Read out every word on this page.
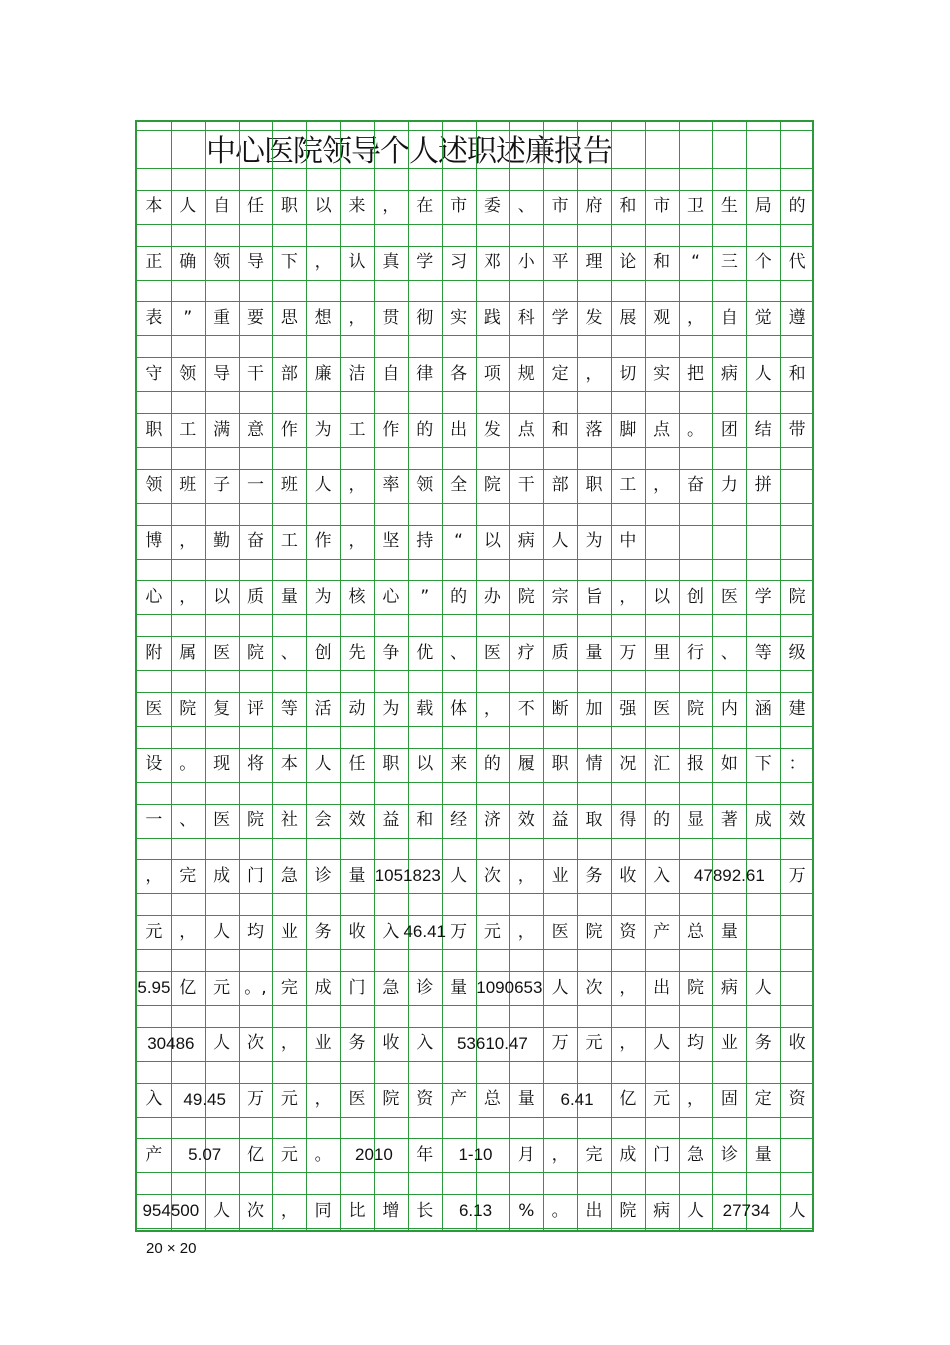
中心医院领导个人述职述廉报告
本 人 自 任 职 以 来 ， 在 市 委 、 市 府 和 市 卫 生 局 的
正 确 领 导 下 ， 认 真 学 习 邓 小 平 理 论 和	“	三 个 代
表	”	重 要 思 想 ， 贯 彻 实 践 科 学 发 展 观 ， 自 觉 遵
守 领 导 干 部 廉 洁 自 律 各 项 规 定 ， 切 实 把 病 人 和
职 工 满 意 作 为 工 作 的 出 发 点 和 落 脚 点 。 团 结 带
领 班 子 一 班 人 ， 率 领 全 院 干 部 职 工 ， 奋 力 拼
博 ， 勤 奋 工 作 ， 坚 持	“	以 病 人 为 中
心 ， 以 质 量 为 核 心	”	的 办 院 宗 旨 ， 以 创 医 学 院
附 属 医 院 、 创 先 争 优 、 医 疗 质 量 万 里 行 、 等 级
医 院 复 评 等 活 动 为 载 体 ， 不 断 加 强 医 院 内 涵 建
设 。 现 将 本 人 任 职 以 来 的 履 职 情 况 汇 报 如 下 ：
一 、 医 院 社 会 效 益 和 经 济 效 益 取 得 的 显 著 成 效
， 完 成 门 急 诊 量 1051823 人 次 ， 业 务 收 入	47892.61	万
元 ， 人 均 业 务 收 入 46.41 万 元 ， 医 院 资 产 总 量
5.95 亿 元 。, 完 成 门 急 诊 量 1090653 人 次 ， 出 院 病 人
30486	人 次 ， 业 务 收 入	53610.47	万 元 ， 人 均 业 务 收
入	49.45	万 元 ， 医 院 资 产 总 量	6.41	亿 元 ， 固 定 资
产	5.07	亿 元 。	2010	年	1-10	月 ， 完 成 门 急 诊 量
954500 人 次 ， 同 比 增 长	6.13	%	。 出 院 病 人	27734	人
20 × 20
